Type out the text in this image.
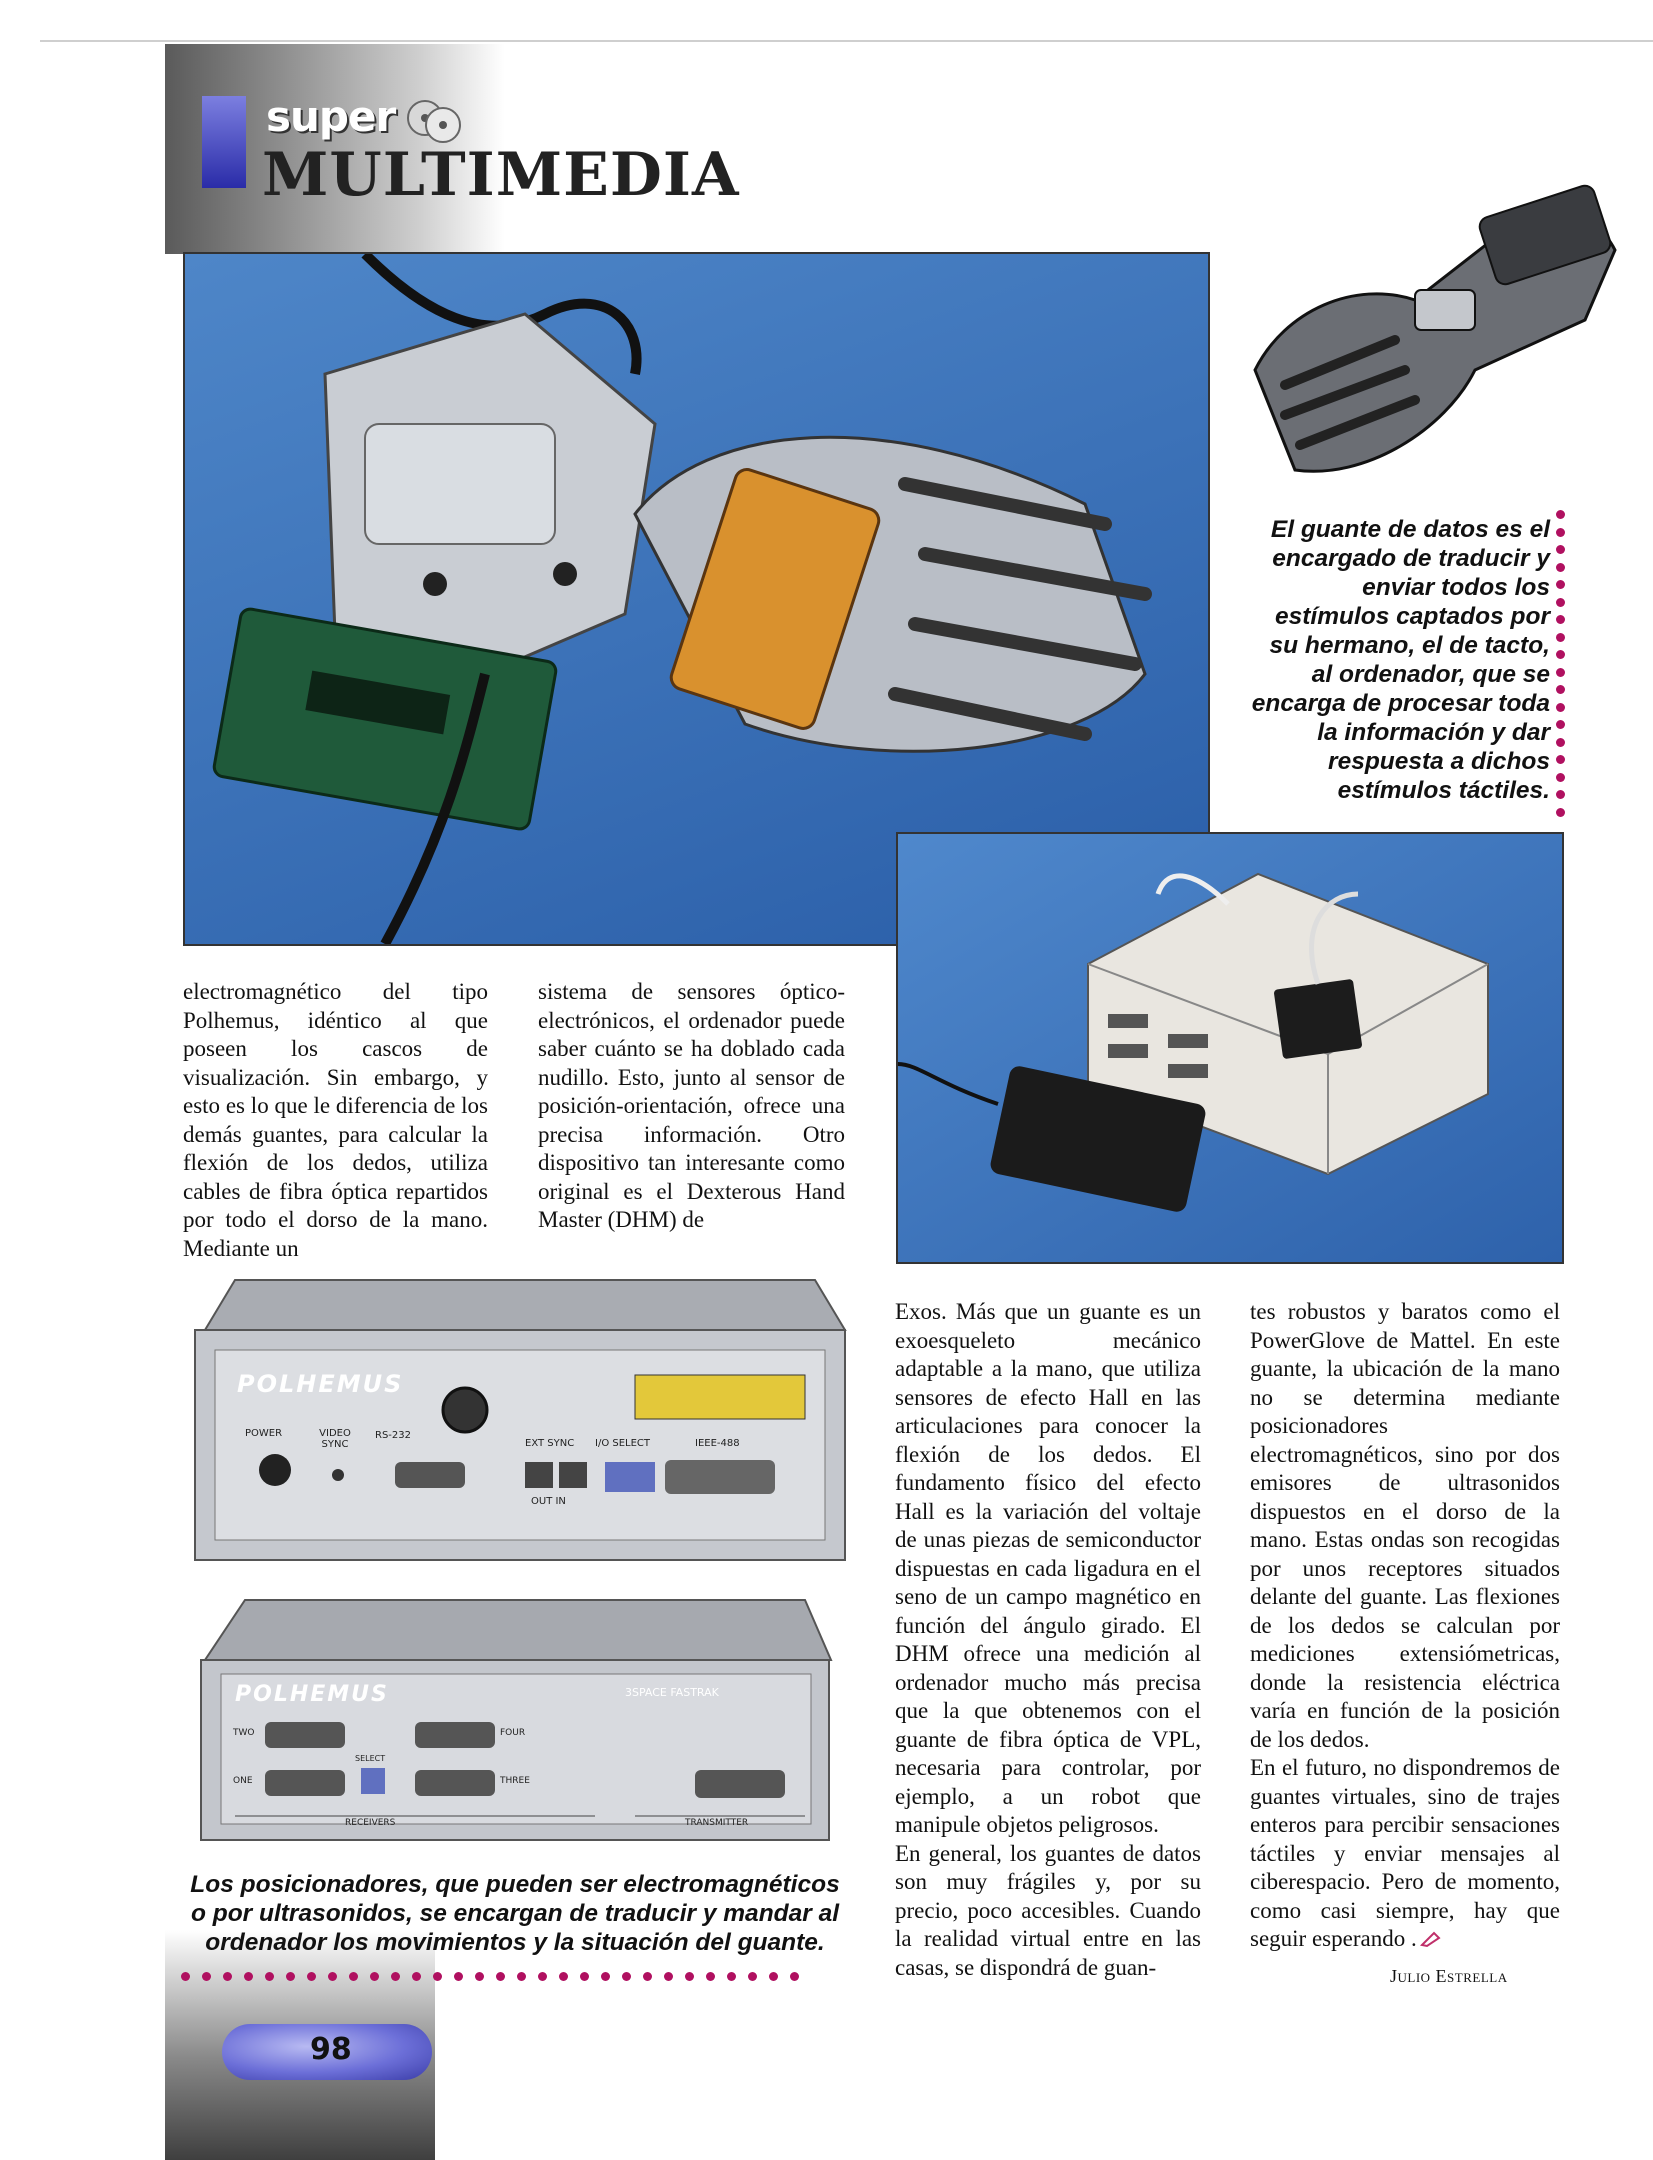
super
MULTIMEDIA
El guante de datos es el encargado de traducir y enviar todos los estímulos captados por su hermano, el de tacto, al ordenador, que se encarga de procesar toda la información y dar respuesta a dichos estímulos táctiles.
POLHEMUS
POWER	VIDEO SYNC
RS-232
EXT SYNC I/O SELECT	IEEE-488
OUT IN
POLHEMUS	3SPACE FASTRAK
TWO
ONE
FOUR
THREE
SELECT
RECEIVERS	TRANSMITTER
Los posicionadores, que pueden ser electromagnéticos o por ultrasonidos, se encargan de traducir y mandar al ordenador los movimientos y la situación del guante.

electromagnético del tipo Polhemus, idéntico al que poseen los cascos de visualización. Sin embargo, y esto es lo que le diferencia de los demás guantes, para calcular la flexión de los dedos, utiliza cables de fibra óptica repartidos por todo el dorso de la mano. Mediante un

sistema de sensores óptico-electrónicos, el ordenador puede saber cuánto se ha doblado cada nudillo. Esto, junto al sensor de posición-orientación, ofrece una precisa información. Otro dispositivo tan interesante como original es el Dexterous Hand Master (DHM) de

Exos. Más que un guante es un exoesqueleto mecánico adaptable a la mano, que utiliza sensores de efecto Hall en las articulaciones para conocer la flexión de los dedos. El fundamento físico del efecto Hall es la variación del voltaje de unas piezas de semiconductor dispuestas en cada ligadura en el seno de un campo magnético en función del ángulo girado. El DHM ofrece una medición al ordenador mucho más precisa que la que obtenemos con el guante de fibra óptica de VPL, necesaria para controlar, por ejemplo, a un robot que manipule objetos peligrosos.

En general, los guantes de datos son muy frágiles y, por su precio, poco accesibles. Cuando la realidad virtual entre en las casas, se dispondrá de guan-

tes robustos y baratos como el PowerGlove de Mattel. En este guante, la ubicación de la mano no se determina mediante posicionadores electromagnéticos, sino por dos emisores de ultrasonidos dispuestos en el dorso de la mano. Estas ondas son recogidas por unos receptores situados delante del guante. Las flexiones de los dedos se calculan por mediciones extensiómetricas, donde la resistencia eléctrica varía en función de la posición de los dedos.

En el futuro, no dispondremos de guantes virtuales, sino de trajes enteros para percibir sensaciones táctiles y enviar mensajes al ciberespacio. Pero de momento, como casi siempre, hay que seguir esperando .

Julio Estrella
98
